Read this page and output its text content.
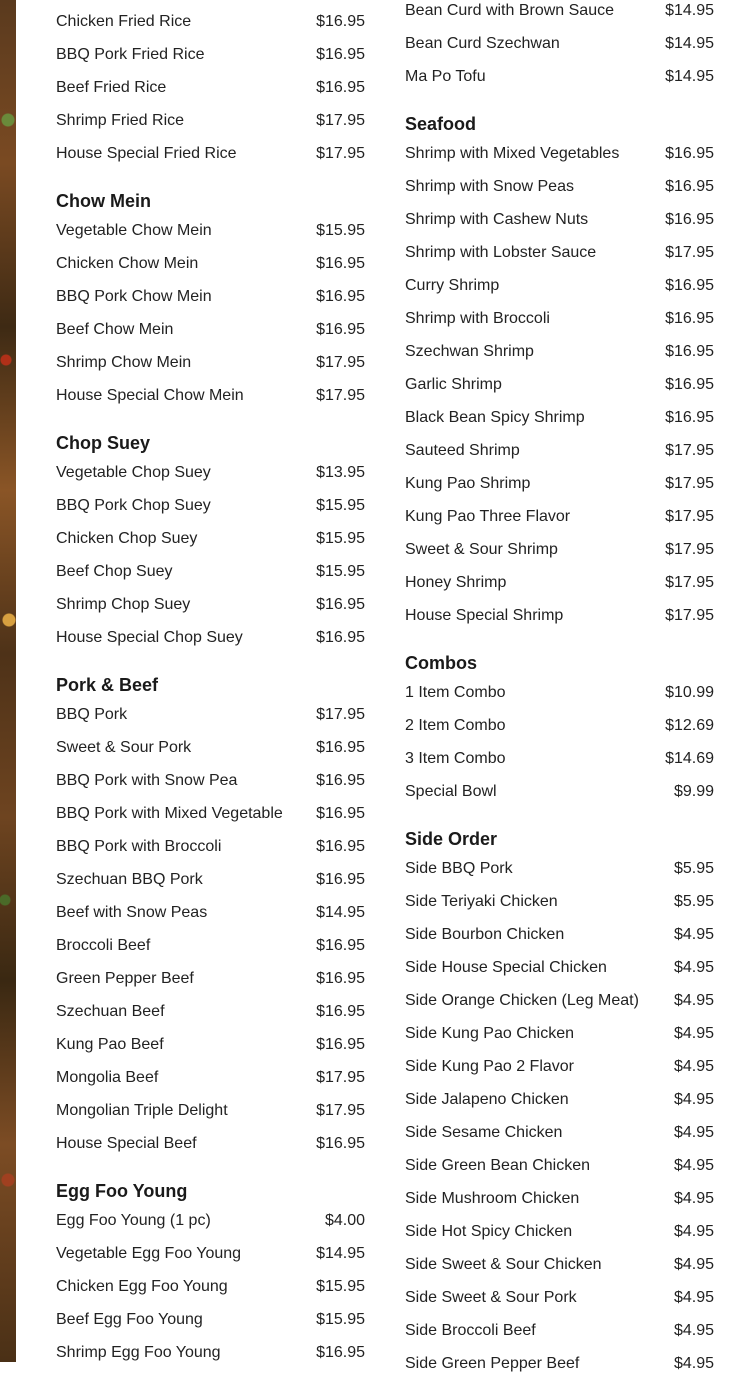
Chicken Fried Rice	$16.95
BBQ Pork Fried Rice	$16.95
Beef Fried Rice	$16.95
Shrimp Fried Rice	$17.95
House Special Fried Rice	$17.95
Chow Mein
Vegetable Chow Mein	$15.95
Chicken Chow Mein	$16.95
BBQ Pork Chow Mein	$16.95
Beef Chow Mein	$16.95
Shrimp Chow Mein	$17.95
House Special Chow Mein	$17.95
Chop Suey
Vegetable Chop Suey	$13.95
BBQ Pork Chop Suey	$15.95
Chicken Chop Suey	$15.95
Beef Chop Suey	$15.95
Shrimp Chop Suey	$16.95
House Special Chop Suey	$16.95
Pork & Beef
BBQ Pork	$17.95
Sweet & Sour Pork	$16.95
BBQ Pork with Snow Pea	$16.95
BBQ Pork with Mixed Vegetable $16.95
BBQ Pork with Broccoli	$16.95
Szechuan BBQ Pork	$16.95
Beef with Snow Peas	$14.95
Broccoli Beef	$16.95
Green Pepper Beef	$16.95
Szechuan Beef	$16.95
Kung Pao Beef	$16.95
Mongolia Beef	$17.95
Mongolian Triple Delight	$17.95
House Special Beef	$16.95
Egg Foo Young
Egg Foo Young (1 pc)	$4.00
Vegetable Egg Foo Young	$14.95
Chicken Egg Foo Young	$15.95
Beef Egg Foo Young	$15.95
Shrimp Egg Foo Young	$16.95
Bean Curd with Brown Sauce	$14.95
Bean Curd Szechwan	$14.95
Ma Po Tofu	$14.95
Seafood
Shrimp with Mixed Vegetables	$16.95
Shrimp with Snow Peas	$16.95
Shrimp with Cashew Nuts	$16.95
Shrimp with Lobster Sauce	$17.95
Curry Shrimp	$16.95
Shrimp with Broccoli	$16.95
Szechwan Shrimp	$16.95
Garlic Shrimp	$16.95
Black Bean Spicy Shrimp	$16.95
Sauteed Shrimp	$17.95
Kung Pao Shrimp	$17.95
Kung Pao Three Flavor	$17.95
Sweet & Sour Shrimp	$17.95
Honey Shrimp	$17.95
House Special Shrimp	$17.95
Combos
1 Item Combo	$10.99
2 Item Combo	$12.69
3 Item Combo	$14.69
Special Bowl	$9.99
Side Order
Side BBQ Pork	$5.95
Side Teriyaki Chicken	$5.95
Side Bourbon Chicken	$4.95
Side House Special Chicken	$4.95
Side Orange Chicken (Leg Meat) $4.95
Side Kung Pao Chicken	$4.95
Side Kung Pao 2 Flavor	$4.95
Side Jalapeno Chicken	$4.95
Side Sesame Chicken	$4.95
Side Green Bean Chicken	$4.95
Side Mushroom Chicken	$4.95
Side Hot Spicy Chicken	$4.95
Side Sweet & Sour Chicken	$4.95
Side Sweet & Sour Pork	$4.95
Side Broccoli Beef	$4.95
Side Green Pepper Beef	$4.95
